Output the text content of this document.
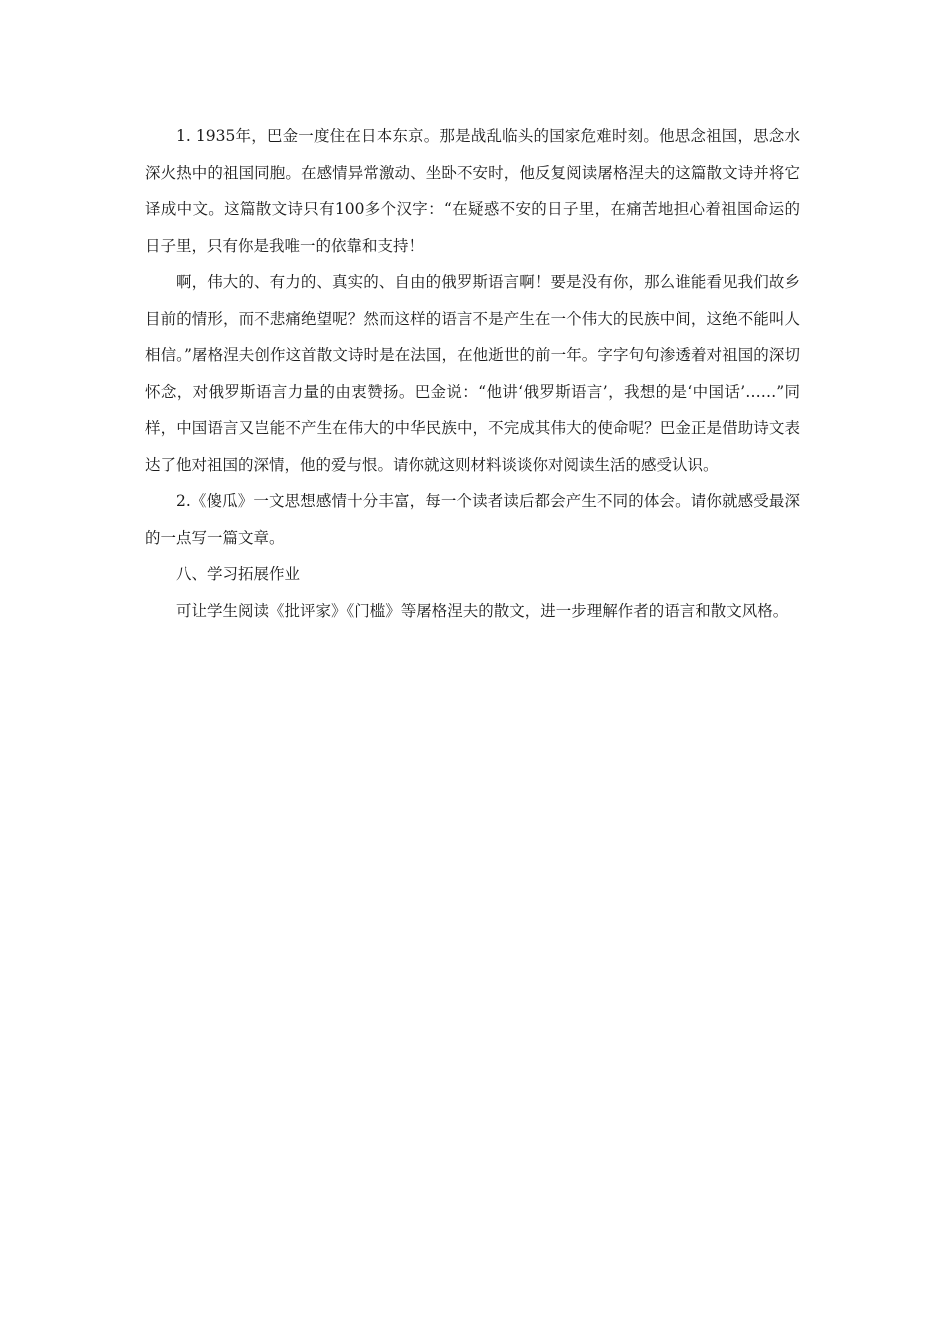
1. 1935年，巴金一度住在日本东京。那是战乱临头的国家危难时刻。他思念祖国，思念水深火热中的祖国同胞。在感情异常激动、坐卧不安时，他反复阅读屠格涅夫的这篇散文诗并将它译成中文。这篇散文诗只有100多个汉字：“在疑惑不安的日子里，在痛苦地担心着祖国命运的日子里，只有你是我唯一的依靠和支持！

啊，伟大的、有力的、真实的、自由的俄罗斯语言啊！要是没有你，那么谁能看见我们故乡目前的情形，而不悲痛绝望呢？然而这样的语言不是产生在一个伟大的民族中间，这绝不能叫人相信。”屠格涅夫创作这首散文诗时是在法国，在他逝世的前一年。字字句句渗透着对祖国的深切怀念，对俄罗斯语言力量的由衷赞扬。巴金说：“他讲‘俄罗斯语言’，我想的是‘中国话’……”同样，中国语言又岂能不产生在伟大的中华民族中，不完成其伟大的使命呢？巴金正是借助诗文表达了他对祖国的深情，他的爱与恨。请你就这则材料谈谈你对阅读生活的感受认识。

2.《傻瓜》一文思想感情十分丰富，每一个读者读后都会产生不同的体会。请你就感受最深的一点写一篇文章。

八、学习拓展作业

可让学生阅读《批评家》《门槛》等屠格涅夫的散文，进一步理解作者的语言和散文风格。
